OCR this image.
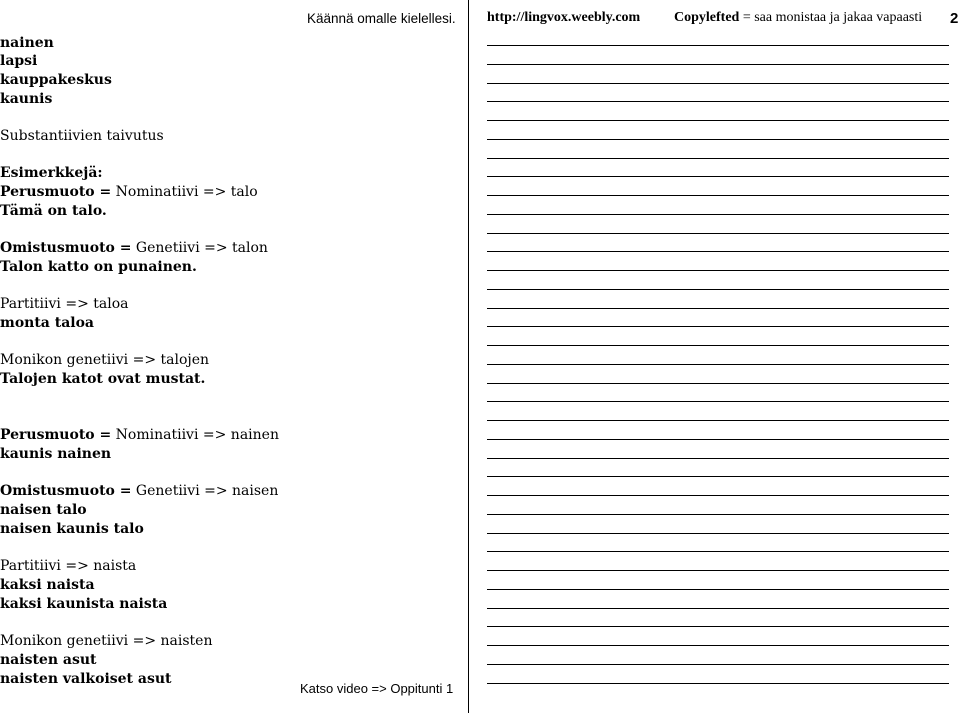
Käännä omalle kielellesi.
nainen
lapsi
kauppakeskus
kaunis
Substantiivien taivutus
Esimerkkejä:
Perusmuoto = Nominatiivi => talo
Tämä on talo.
Omistusmuoto = Genetiivi => talon
Talon katto on punainen.
Partitiivi => taloa
monta taloa
Monikon genetiivi => talojen
Talojen katot ovat mustat.
Perusmuoto = Nominatiivi => nainen
kaunis nainen
Omistusmuoto = Genetiivi => naisen
naisen talo
naisen kaunis talo
Partitiivi => naista
kaksi naista
kaksi kaunista naista
Monikon genetiivi => naisten
naisten asut
naisten valkoiset asut
Katso video => Oppitunti 1
http://lingvox.weebly.com Copylefted = saa monistaa ja jakaa vapaasti 2
